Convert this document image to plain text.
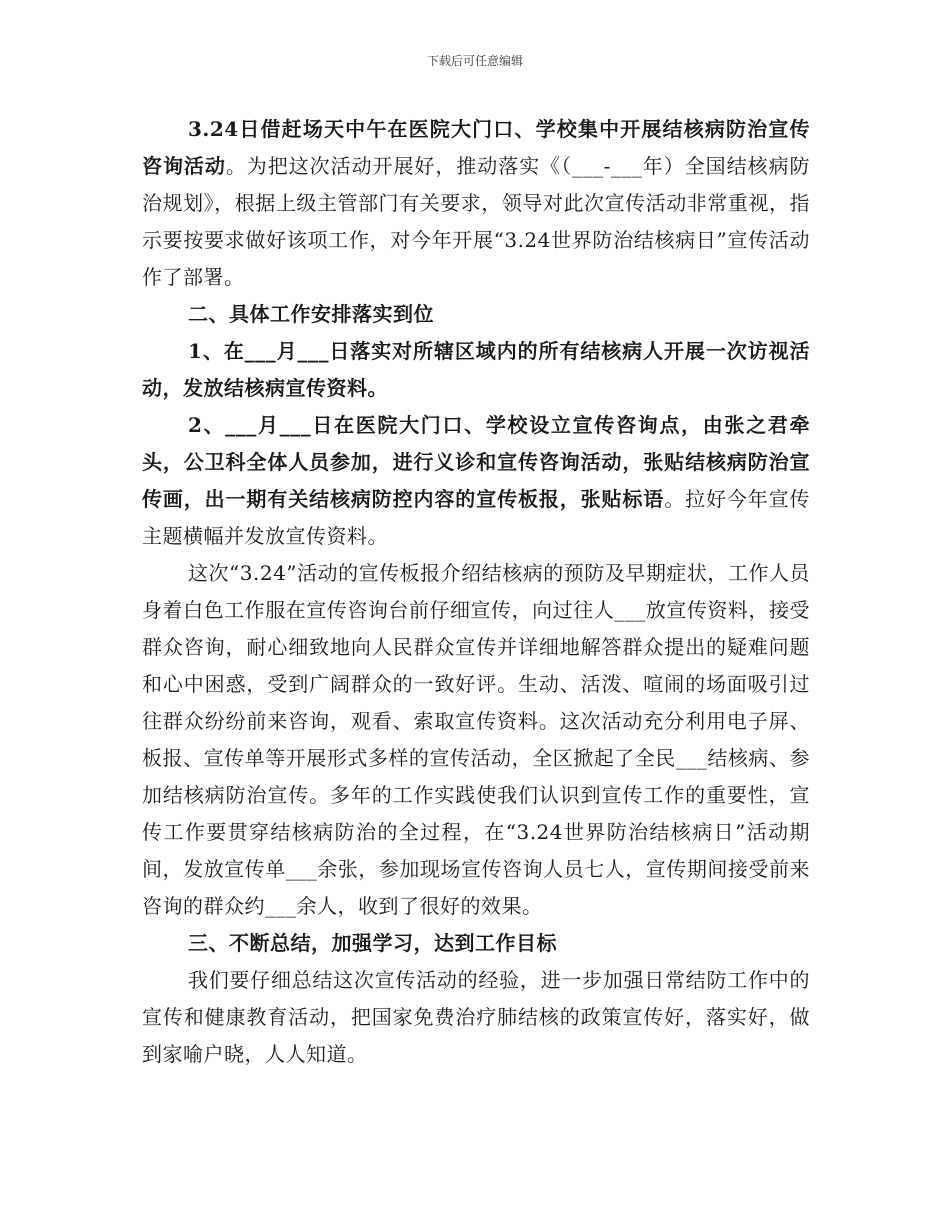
下载后可任意编辑

3.24日借赶场天中午在医院大门口、学校集中开展结核病防治宣传咨询活动。为把这次活动开展好，推动落实《（___-___年）全国结核病防治规划》，根据上级主管部门有关要求，领导对此次宣传活动非常重视，指示要按要求做好该项工作，对今年开展“3.24世界防治结核病日”宣传活动作了部署。

二、具体工作安排落实到位

1、在___月___日落实对所辖区域内的所有结核病人开展一次访视活动，发放结核病宣传资料。

2、___月___日在医院大门口、学校设立宣传咨询点，由张之君牵头，公卫科全体人员参加，进行义诊和宣传咨询活动，张贴结核病防治宣传画，出一期有关结核病防控内容的宣传板报，张贴标语。拉好今年宣传主题横幅并发放宣传资料。

这次“3.24”活动的宣传板报介绍结核病的预防及早期症状，工作人员身着白色工作服在宣传咨询台前仔细宣传，向过往人___放宣传资料，接受群众咨询，耐心细致地向人民群众宣传并详细地解答群众提出的疑难问题和心中困惑，受到广阔群众的一致好评。生动、活泼、喧闹的场面吸引过往群众纷纷前来咨询，观看、索取宣传资料。这次活动充分利用电子屏、板报、宣传单等开展形式多样的宣传活动，全区掀起了全民___结核病、参加结核病防治宣传。多年的工作实践使我们认识到宣传工作的重要性，宣传工作要贯穿结核病防治的全过程，在“3.24世界防治结核病日”活动期间，发放宣传单___余张，参加现场宣传咨询人员七人，宣传期间接受前来咨询的群众约___余人，收到了很好的效果。

三、不断总结，加强学习，达到工作目标

我们要仔细总结这次宣传活动的经验，进一步加强日常结防工作中的宣传和健康教育活动，把国家免费治疗肺结核的政策宣传好，落实好，做到家喻户晓，人人知道。
